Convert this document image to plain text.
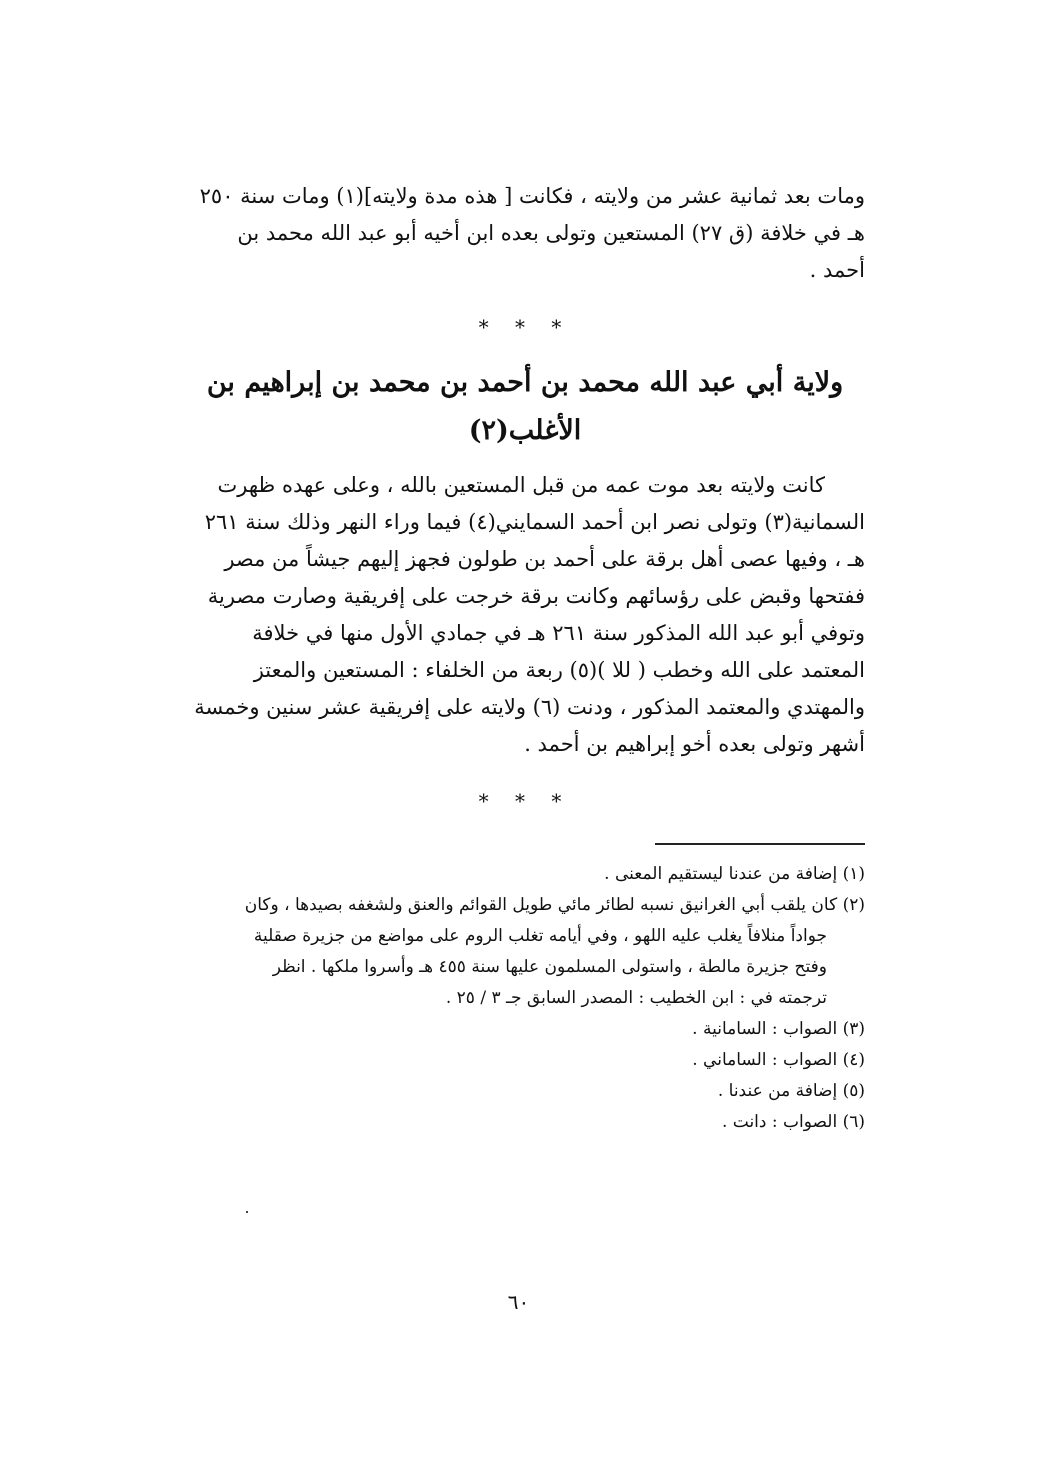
ومات بعد ثمانية عشر من ولايته ، فكانت [ هذه مدة ولايته](١) ومات سنة ٢٥٠

هـ في خلافة (ق ٢٧) المستعين وتولى بعده ابن أخيه أبو عبد الله محمد بن

أحمد .

* * *
ولاية أبي عبد الله محمد بن أحمد بن محمد بن إبراهيم بن
الأغلب(٢)

كانت ولايته بعد موت عمه من قبل المستعين بالله ، وعلى عهده ظهرت

السمانية(٣) وتولى نصر ابن أحمد السمايني(٤) فيما وراء النهر وذلك سنة ٢٦١

هـ ، وفيها عصى أهل برقة على أحمد بن طولون فجهز إليهم جيشاً من مصر

ففتحها وقبض على رؤسائهم وكانت برقة خرجت على إفريقية وصارت مصرية

وتوفي أبو عبد الله المذكور سنة ٢٦١ هـ في جمادي الأول منها في خلافة

المعتمد على الله وخطب ( للا )(٥) ربعة من الخلفاء : المستعين والمعتز

والمهتدي والمعتمد المذكور ، ودنت (٦) ولايته على إفريقية عشر سنين وخمسة

أشهر وتولى بعده أخو إبراهيم بن أحمد .

* * *

(١) إضافة من عندنا ليستقيم المعنى .

(٢) كان يلقب أبي الغرانيق نسبه لطائر مائي طويل القوائم والعنق ولشغفه بصيدها ، وكان

جواداً منلافاً يغلب عليه اللهو ، وفي أيامه تغلب الروم على مواضع من جزيرة صقلية

وفتح جزيرة مالطة ، واستولى المسلمون عليها سنة ٤٥٥ هـ وأسروا ملكها . انظر

ترجمته في : ابن الخطيب : المصدر السابق جـ ٣ / ٢٥ .

(٣) الصواب : السامانية .

(٤) الصواب : الساماني .

(٥) إضافة من عندنا .

(٦) الصواب : دانت .

٦٠
